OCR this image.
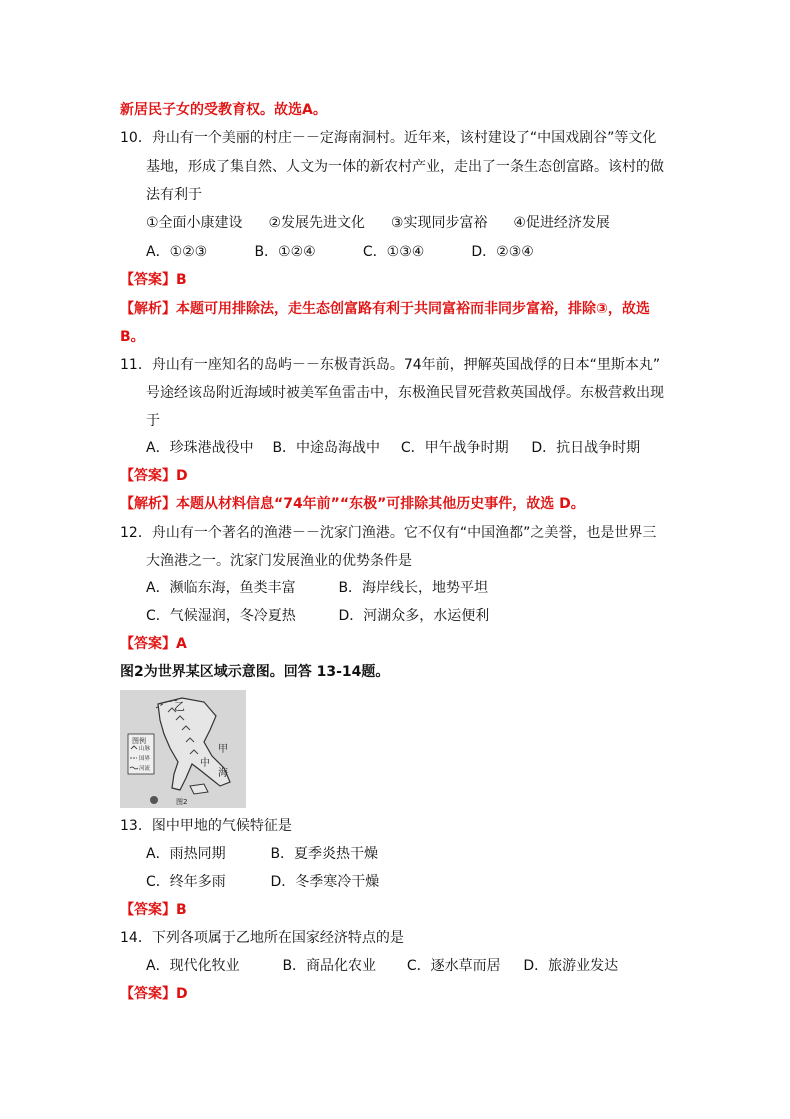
新居民子女的受教育权。故选A。
10．舟山有一个美丽的村庄－－定海南洞村。近年来，该村建设了“中国戏剧谷”等文化
基地，形成了集自然、人文为一体的新农村产业，走出了一条生态创富路。该村的做
法有利于
①全面小康建设 ②发展先进文化 ③实现同步富裕 ④促进经济发展
A．①②③	B．①②④	C．①③④	D．②③④
【答案】B
【解析】本题可用排除法，走生态创富路有利于共同富裕而非同步富裕，排除③，故选
B。
11．舟山有一座知名的岛屿－－东极青浜岛。74年前，押解英国战俘的日本“里斯本丸”
号途经该岛附近海域时被美军鱼雷击中，东极渔民冒死营救英国战俘。东极营救出现
于
A．珍珠港战役中 B．中途岛海战中 C．甲午战争时期 D．抗日战争时期
【答案】D
【解析】本题从材料信息“74年前”“东极”可排除其他历史事件，故选 D。
12．舟山有一个著名的渔港－－沈家门渔港。它不仅有“中国渔都”之美誉，也是世界三
大渔港之一。沈家门发展渔业的优势条件是
A．濒临东海，鱼类丰富	B．海岸线长，地势平坦
C．气候湿润，冬冷夏热	D．河湖众多，水运便利
【答案】A
图2为世界某区域示意图。回答 13-14题。
图例
山脉
国界
河流
乙
甲
海
中
图2
13．图中甲地的气候特征是
A．雨热同期	B．夏季炎热干燥
C．终年多雨	D．冬季寒冷干燥
【答案】B
14．下列各项属于乙地所在国家经济特点的是
A．现代化牧业	B．商品化农业 C．逐水草而居 D．旅游业发达
【答案】D
